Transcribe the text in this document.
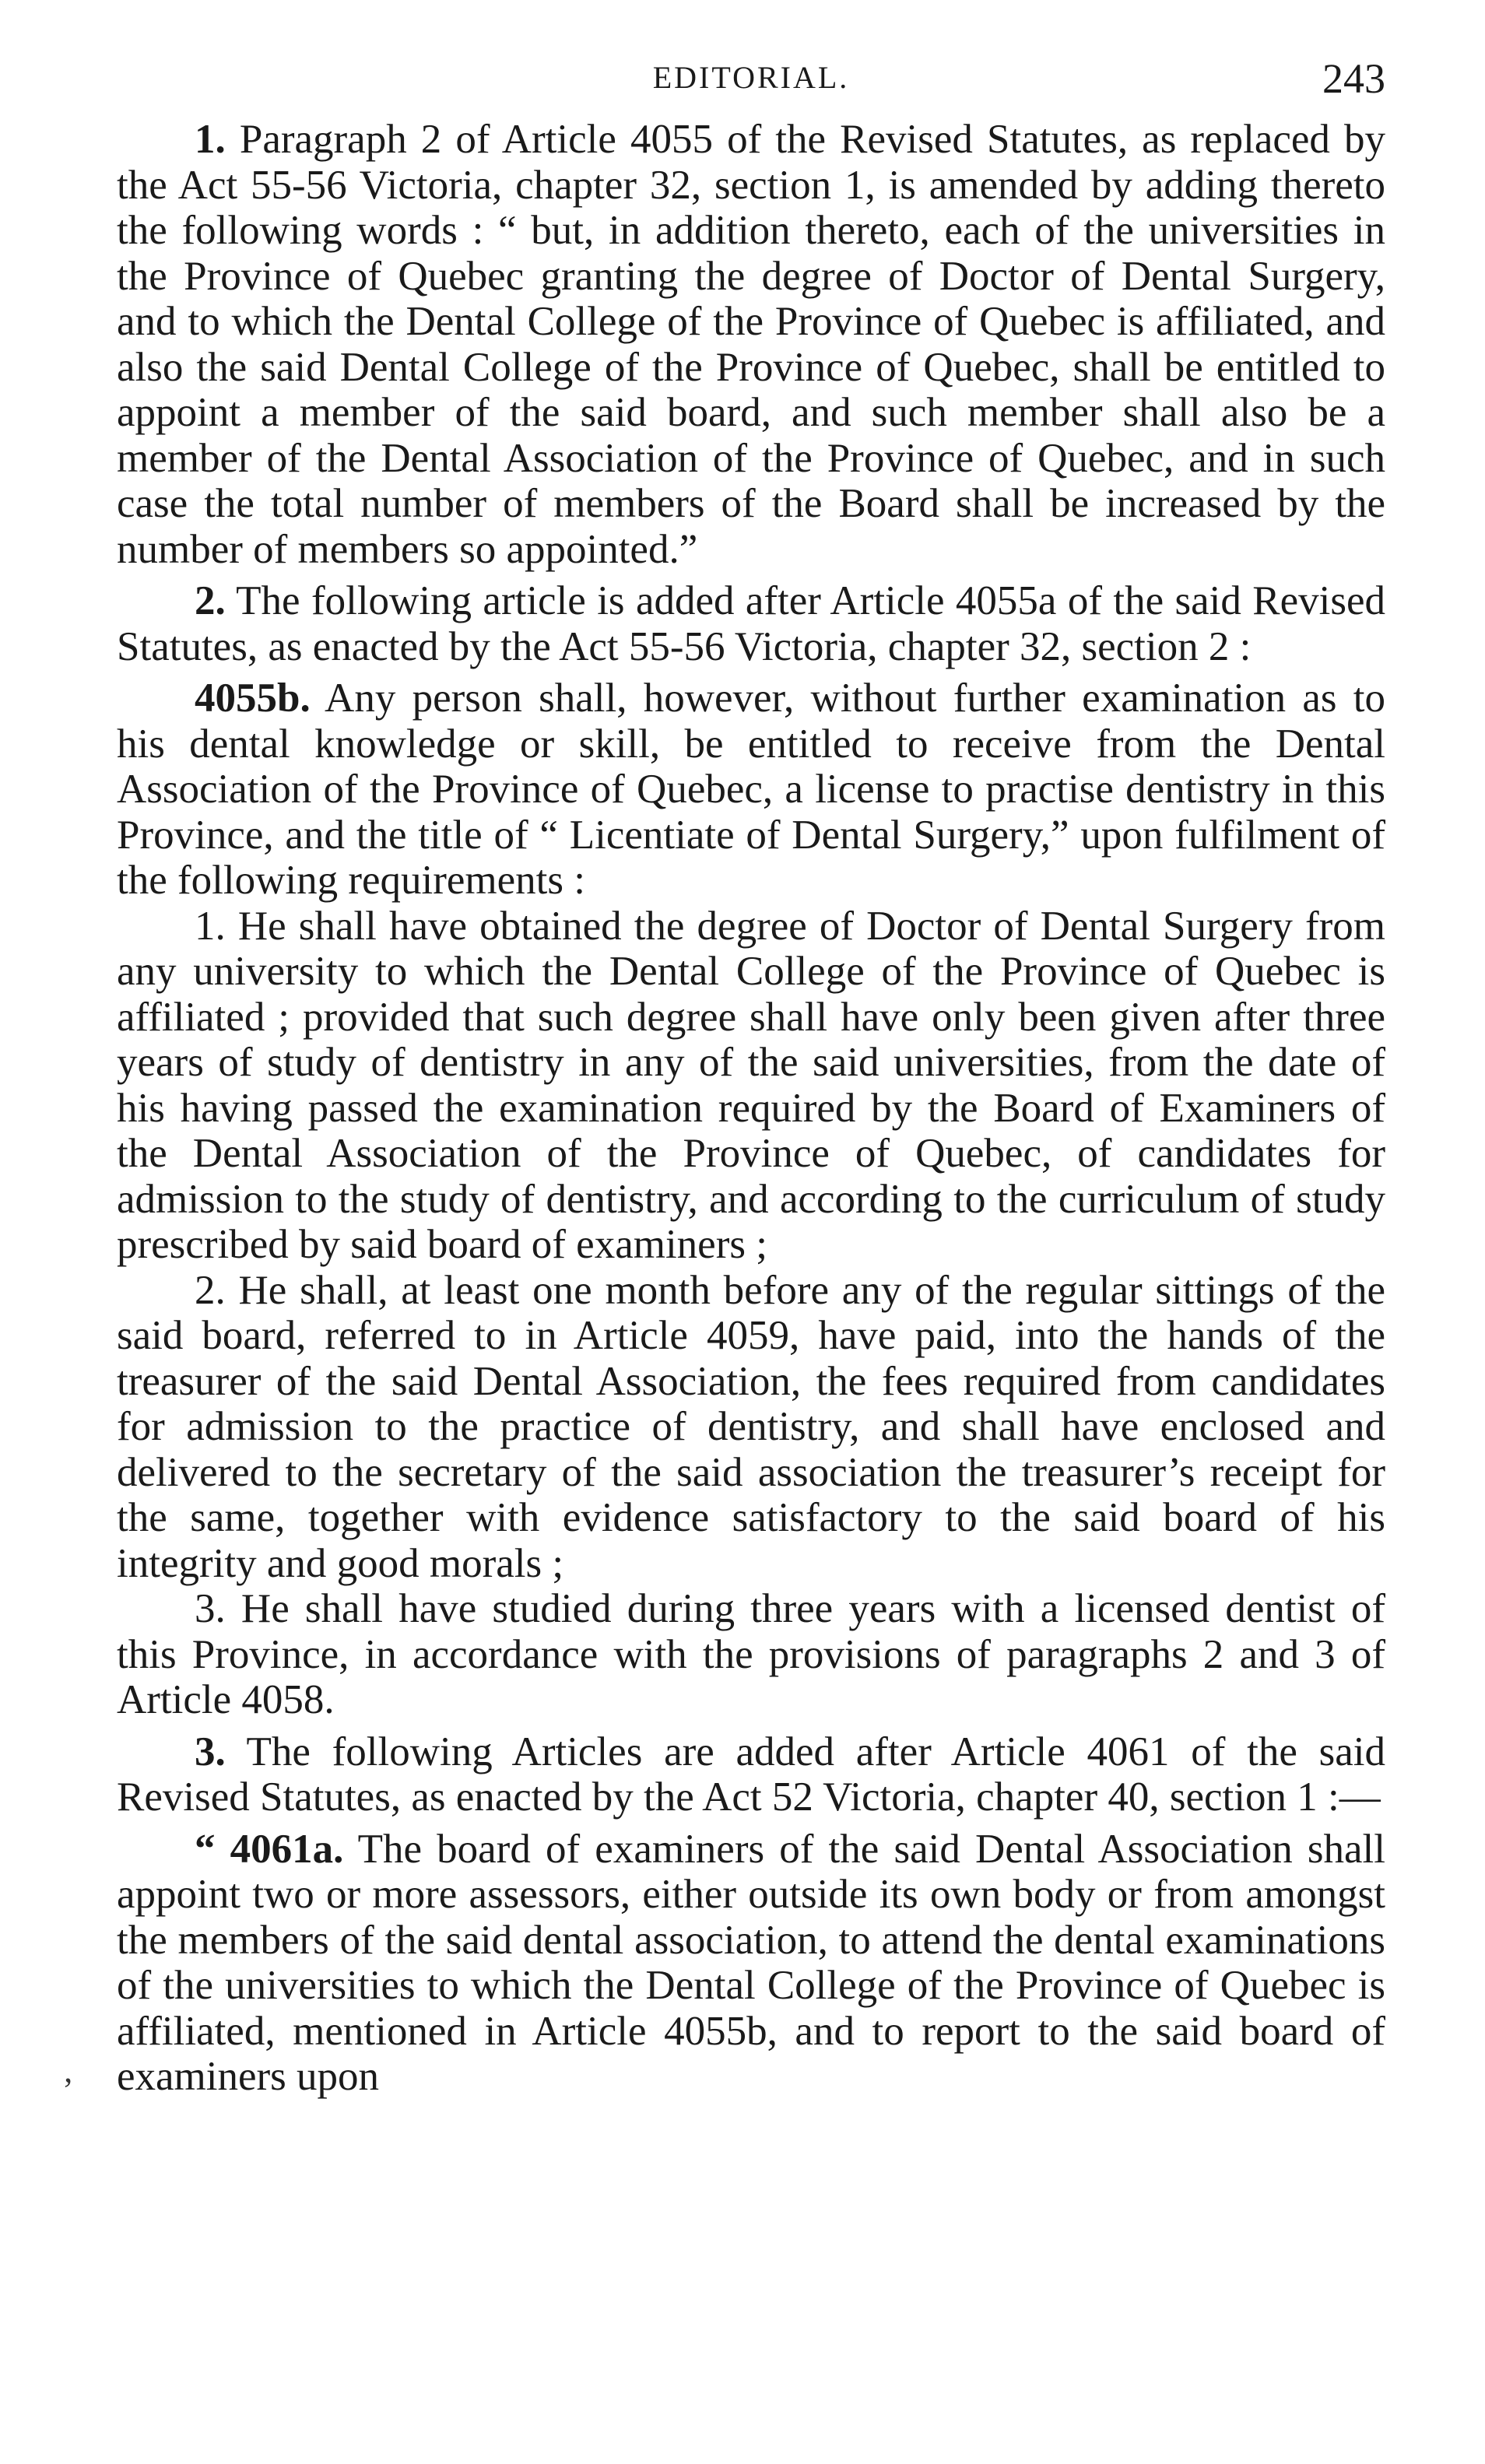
EDITORIAL.	243

1. Paragraph 2 of Article 4055 of the Revised Statutes, as replaced by the Act 55-56 Victoria, chapter 32, section 1, is amended by adding thereto the following words : “ but, in addition thereto, each of the universities in the Province of Quebec granting the degree of Doctor of Dental Surgery, and to which the Dental College of the Province of Quebec is affiliated, and also the said Dental College of the Province of Quebec, shall be entitled to appoint a member of the said board, and such member shall also be a member of the Dental Association of the Province of Quebec, and in such case the total number of members of the Board shall be increased by the number of members so appointed.”

2. The following article is added after Article 4055a of the said Revised Statutes, as enacted by the Act 55-56 Victoria, chapter 32, section 2 :

4055b. Any person shall, however, without further examination as to his dental knowledge or skill, be entitled to receive from the Dental Association of the Province of Quebec, a license to practise dentistry in this Province, and the title of “ Licentiate of Dental Surgery,” upon fulfilment of the following requirements :

1. He shall have obtained the degree of Doctor of Dental Surgery from any university to which the Dental College of the Province of Quebec is affiliated ; provided that such degree shall have only been given after three years of study of dentistry in any of the said universities, from the date of his having passed the examination required by the Board of Examiners of the Dental Association of the Province of Quebec, of candidates for admission to the study of dentistry, and according to the curriculum of study prescribed by said board of examiners ;

2. He shall, at least one month before any of the regular sittings of the said board, referred to in Article 4059, have paid, into the hands of the treasurer of the said Dental Association, the fees required from candidates for admission to the practice of dentistry, and shall have enclosed and delivered to the secretary of the said association the treasurer’s receipt for the same, together with evidence satisfactory to the said board of his integrity and good morals ;

3. He shall have studied during three years with a licensed dentist of this Province, in accordance with the provisions of paragraphs 2 and 3 of Article 4058.

3. The following Articles are added after Article 4061 of the said Revised Statutes, as enacted by the Act 52 Victoria, chapter 40, section 1 :—

“ 4061a. The board of examiners of the said Dental Association shall appoint two or more assessors, either outside its own body or from amongst the members of the said dental association, to attend the dental examinations of the universities to which the Dental College of the Province of Quebec is affiliated, mentioned in Article 4055b, and to report to the said board of examiners upon

ʼ
